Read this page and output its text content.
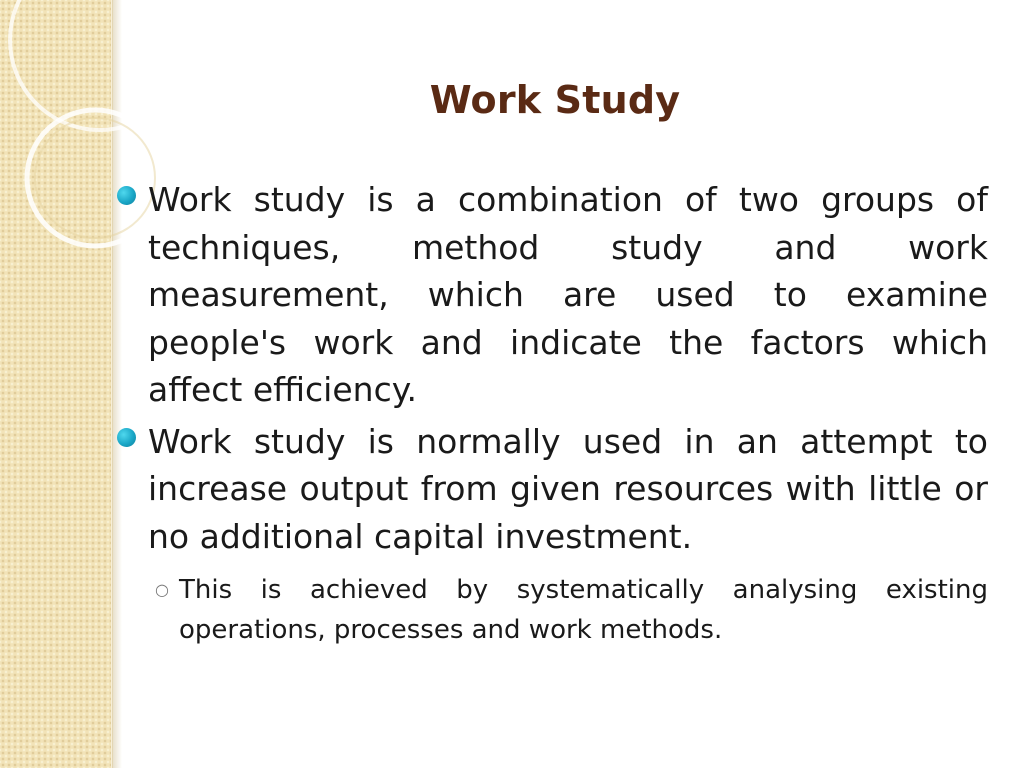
Work Study
Work study is a combination of two groups of techniques, method study and work measurement, which are used to examine people's work and indicate the factors which affect efficiency.
Work study is normally used in an attempt to increase output from given resources with little or no additional capital investment.
○ This is achieved by systematically analysing existing operations, processes and work methods.
